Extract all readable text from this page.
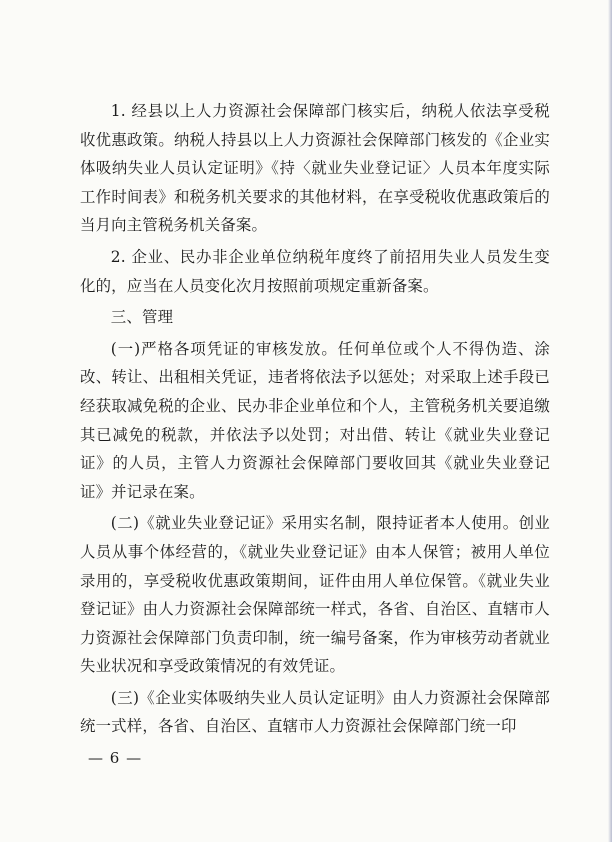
1. 经县以上人力资源社会保障部门核实后，纳税人依法享受税收优惠政策。纳税人持县以上人力资源社会保障部门核发的《企业实体吸纳失业人员认定证明》《持〈就业失业登记证〉人员本年度实际工作时间表》和税务机关要求的其他材料，在享受税收优惠政策后的当月向主管税务机关备案。

2. 企业、民办非企业单位纳税年度终了前招用失业人员发生变化的，应当在人员变化次月按照前项规定重新备案。

三、管理

(一)严格各项凭证的审核发放。任何单位或个人不得伪造、涂改、转让、出租相关凭证，违者将依法予以惩处；对采取上述手段已经获取减免税的企业、民办非企业单位和个人，主管税务机关要追缴其已减免的税款，并依法予以处罚；对出借、转让《就业失业登记证》的人员，主管人力资源社会保障部门要收回其《就业失业登记证》并记录在案。

(二)《就业失业登记证》采用实名制，限持证者本人使用。创业人员从事个体经营的，《就业失业登记证》由本人保管；被用人单位录用的，享受税收优惠政策期间，证件由用人单位保管。《就业失业登记证》由人力资源社会保障部统一样式，各省、自治区、直辖市人力资源社会保障部门负责印制，统一编号备案，作为审核劳动者就业失业状况和享受政策情况的有效凭证。

(三)《企业实体吸纳失业人员认定证明》由人力资源社会保障部统一式样，各省、自治区、直辖市人力资源社会保障部门统一印

— 6 —
